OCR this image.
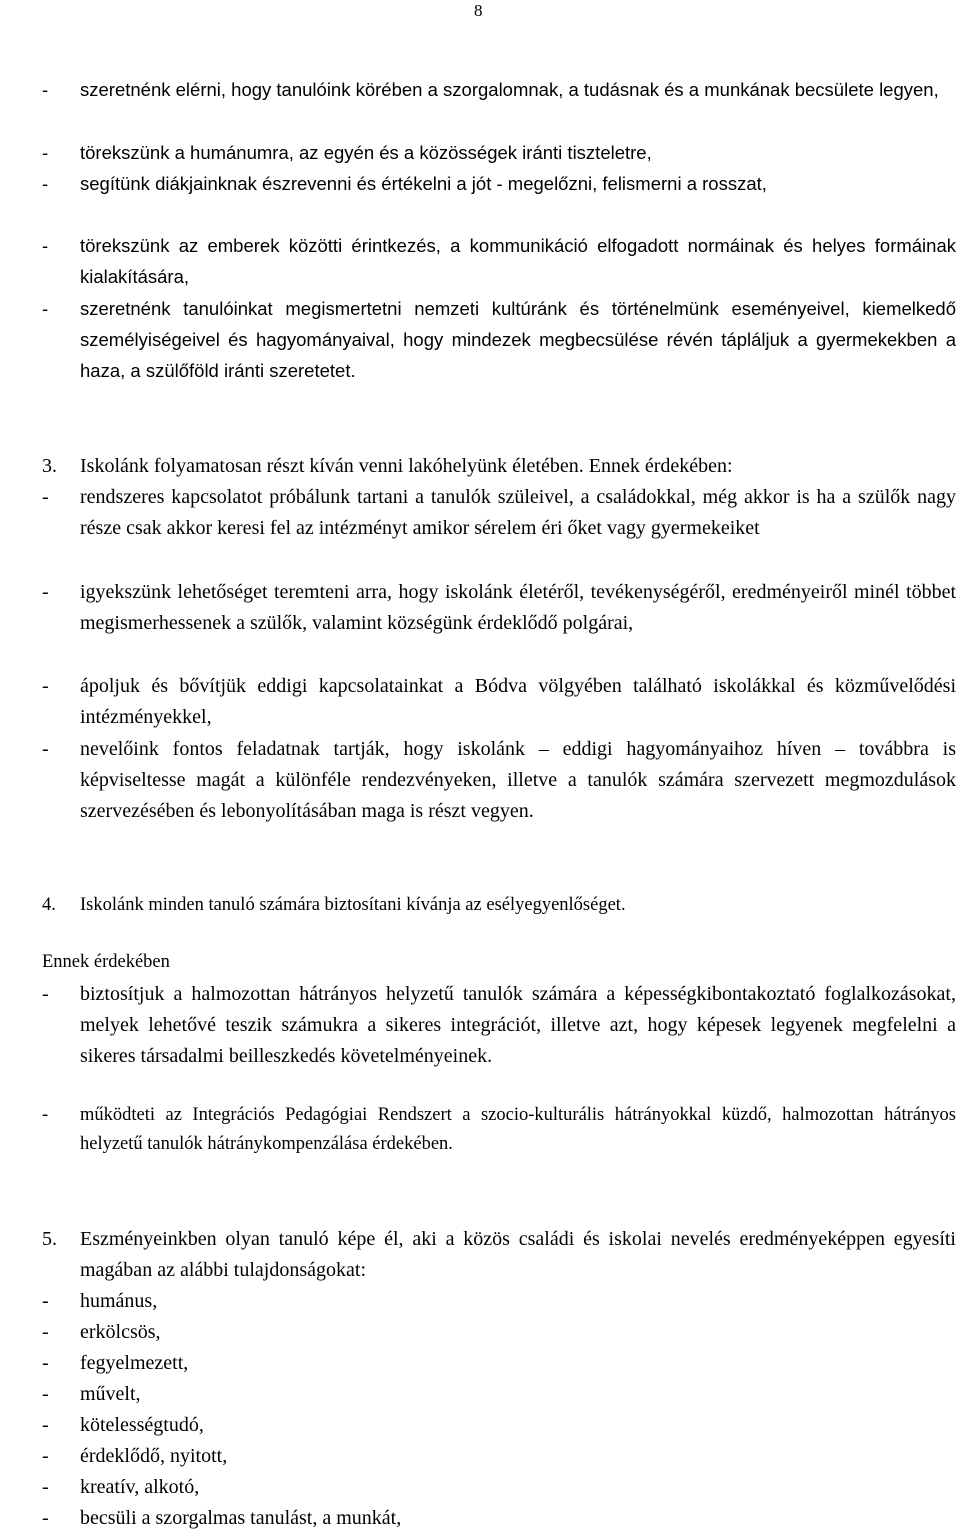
8
-	szeretnénk elérni, hogy tanulóink körében a szorgalomnak, a tudásnak és a munkának becsülete legyen,
-	törekszünk a humánumra, az egyén és a közösségek iránti tiszteletre,
-	segítünk diákjainknak észrevenni és értékelni a jót - megelőzni, felismerni a rosszat,
-	törekszünk az emberek közötti érintkezés, a kommunikáció elfogadott normáinak és helyes formáinak kialakítására,
-	szeretnénk tanulóinkat megismertetni nemzeti kultúránk és történelmünk eseményeivel, kiemelkedő személyiségeivel és hagyományaival, hogy mindezek megbecsülése révén tápláljuk a gyermekekben a haza, a szülőföld iránti szeretetet.
3.	Iskolánk folyamatosan részt kíván venni lakóhelyünk életében. Ennek érdekében:
-	rendszeres kapcsolatot próbálunk tartani a tanulók szüleivel, a családokkal, még akkor is ha a szülők nagy része csak akkor keresi fel az intézményt amikor sérelem éri őket vagy gyermekeiket
-	igyekszünk lehetőséget teremteni arra, hogy iskolánk életéről, tevékenységéről, eredményeiről minél többet megismerhessenek a szülők, valamint községünk érdeklődő polgárai,
-	ápoljuk és bővítjük eddigi kapcsolatainkat a Bódva völgyében található iskolákkal és közművelődési intézményekkel,
-	nevelőink fontos feladatnak tartják, hogy iskolánk – eddigi hagyományaihoz híven – továbbra is képviseltesse magát a különféle rendezvényeken, illetve a tanulók számára szervezett megmozdulások szervezésében és lebonyolításában maga is részt vegyen.
4.	Iskolánk minden tanuló számára biztosítani kívánja az esélyegyenlőséget.
Ennek érdekében
-	biztosítjuk a halmozottan hátrányos helyzetű tanulók számára a képességkibontakoztató foglalkozásokat, melyek lehetővé teszik számukra a sikeres integrációt, illetve azt, hogy képesek legyenek megfelelni a sikeres társadalmi beilleszkedés követelményeinek.
-	működteti az Integrációs Pedagógiai Rendszert a szocio-kulturális hátrányokkal küzdő, halmozottan hátrányos helyzetű tanulók hátránykompenzálása érdekében.
5.	Eszményeinkben olyan tanuló képe él, aki a közös családi és iskolai nevelés eredményeképpen egyesíti magában az alábbi tulajdonságokat:
-	humánus,
-	erkölcsös,
-	fegyelmezett,
-	művelt,
-	kötelességtudó,
-	érdeklődő, nyitott,
-	kreatív, alkotó,
-	becsüli a szorgalmas tanulást, a munkát,
